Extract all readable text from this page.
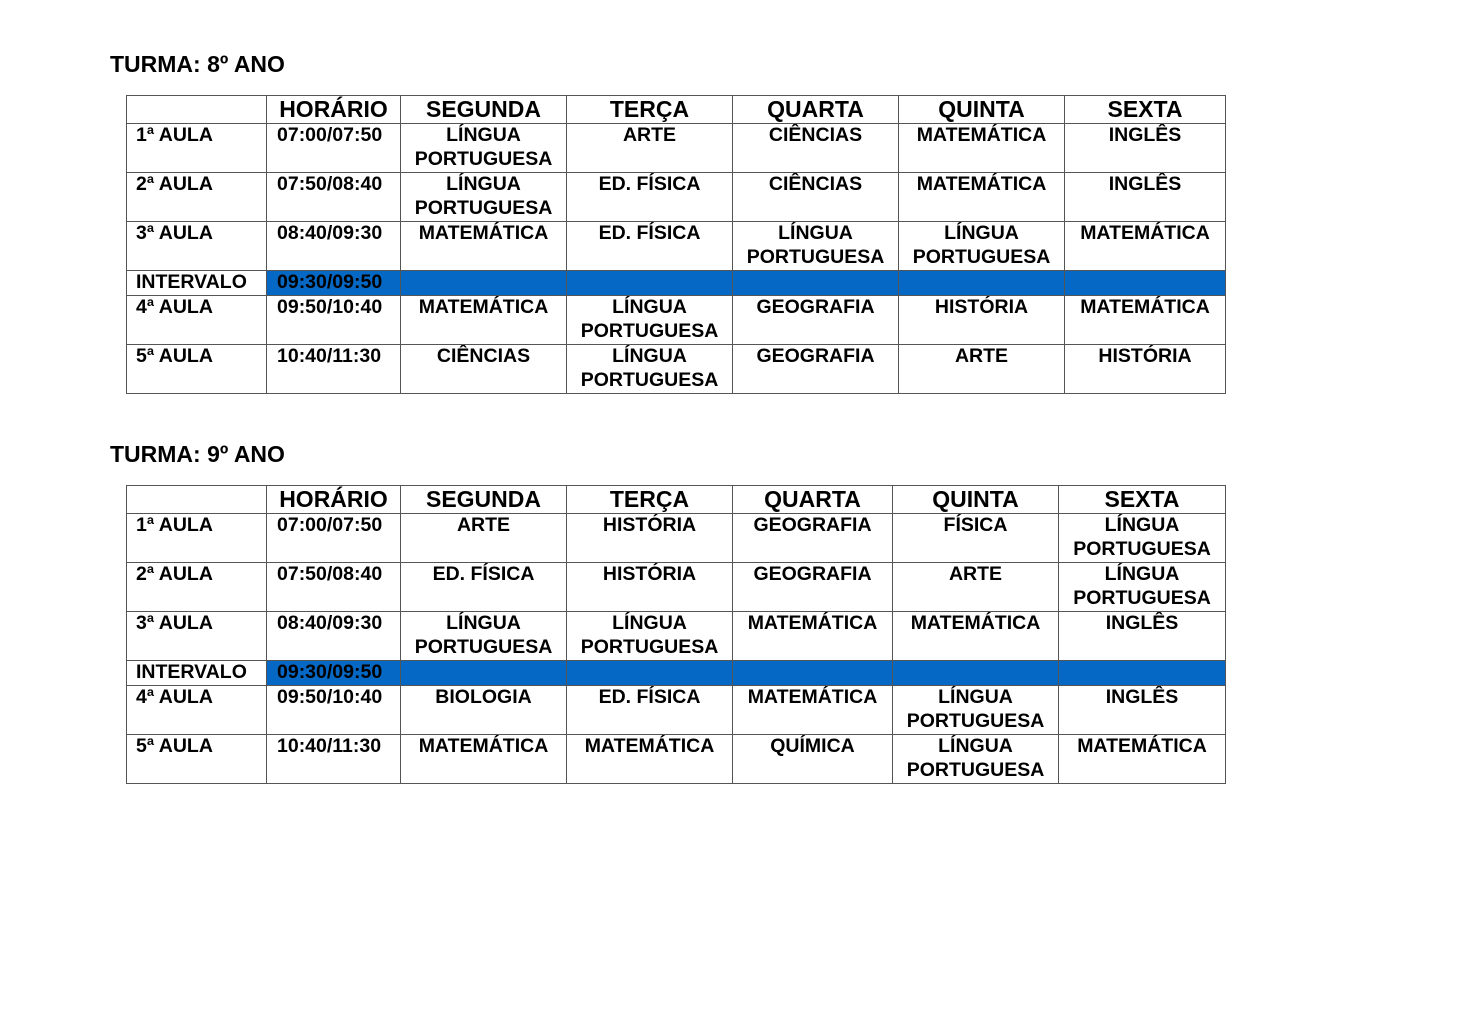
TURMA: 8º ANO
	HORÁRIO	SEGUNDA	TERÇA	QUARTA	QUINTA	SEXTA
1ª AULA	07:00/07:50	LÍNGUA PORTUGUESA	ARTE	CIÊNCIAS	MATEMÁTICA	INGLÊS
2ª AULA	07:50/08:40	LÍNGUA PORTUGUESA	ED. FÍSICA	CIÊNCIAS	MATEMÁTICA	INGLÊS
3ª AULA	08:40/09:30	MATEMÁTICA	ED. FÍSICA	LÍNGUA PORTUGUESA	LÍNGUA PORTUGUESA	MATEMÁTICA
INTERVALO	09:30/09:50					
4ª AULA	09:50/10:40	MATEMÁTICA	LÍNGUA PORTUGUESA	GEOGRAFIA	HISTÓRIA	MATEMÁTICA
5ª AULA	10:40/11:30	CIÊNCIAS	LÍNGUA PORTUGUESA	GEOGRAFIA	ARTE	HISTÓRIA
TURMA: 9º ANO
	HORÁRIO	SEGUNDA	TERÇA	QUARTA	QUINTA	SEXTA
1ª AULA	07:00/07:50	ARTE	HISTÓRIA	GEOGRAFIA	FÍSICA	LÍNGUA PORTUGUESA
2ª AULA	07:50/08:40	ED. FÍSICA	HISTÓRIA	GEOGRAFIA	ARTE	LÍNGUA PORTUGUESA
3ª AULA	08:40/09:30	LÍNGUA PORTUGUESA	LÍNGUA PORTUGUESA	MATEMÁTICA	MATEMÁTICA	INGLÊS
INTERVALO	09:30/09:50					
4ª AULA	09:50/10:40	BIOLOGIA	ED. FÍSICA	MATEMÁTICA	LÍNGUA PORTUGUESA	INGLÊS
5ª AULA	10:40/11:30	MATEMÁTICA	MATEMÁTICA	QUÍMICA	LÍNGUA PORTUGUESA	MATEMÁTICA
